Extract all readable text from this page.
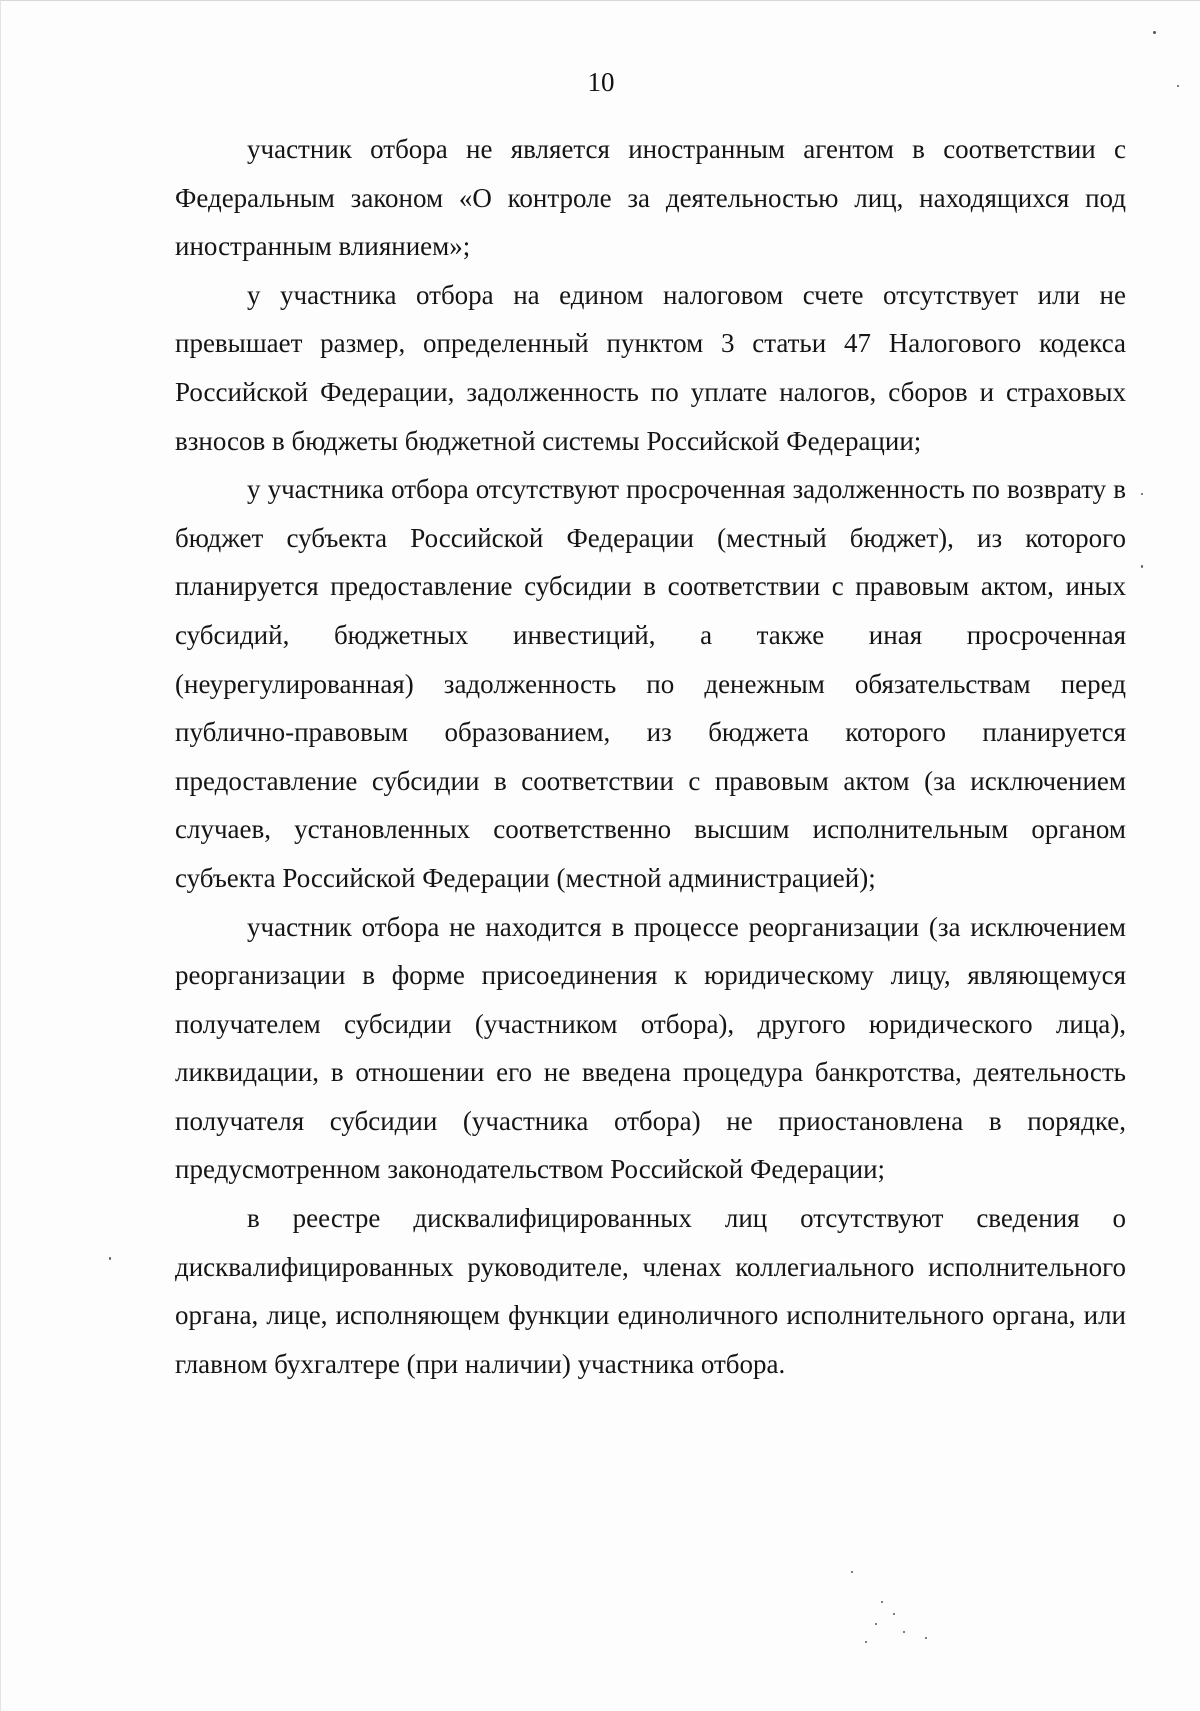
10

участник отбора не является иностранным агентом в соответствии с Федеральным законом «О контроле за деятельностью лиц, находящихся под иностранным влиянием»;

у участника отбора на едином налоговом счете отсутствует или не превышает размер, определенный пунктом 3 статьи 47 Налогового кодекса Российской Федерации, задолженность по уплате налогов, сборов и страховых взносов в бюджеты бюджетной системы Российской Федерации;

у участника отбора отсутствуют просроченная задолженность по возврату в бюджет субъекта Российской Федерации (местный бюджет), из которого планируется предоставление субсидии в соответствии с правовым актом, иных субсидий, бюджетных инвестиций, а также иная просроченная (неурегулированная) задолженность по денежным обязательствам перед публично-правовым образованием, из бюджета которого планируется предоставление субсидии в соответствии с правовым актом (за исключением случаев, установленных соответственно высшим исполнительным органом субъекта Российской Федерации (местной администрацией);

участник отбора не находится в процессе реорганизации (за исключением реорганизации в форме присоединения к юридическому лицу, являющемуся получателем субсидии (участником отбора), другого юридического лица), ликвидации, в отношении его не введена процедура банкротства, деятельность получателя субсидии (участника отбора) не приостановлена в порядке, предусмотренном законодательством Российской Федерации;

в реестре дисквалифицированных лиц отсутствуют сведения о дисквалифицированных руководителе, членах коллегиального исполнительного органа, лице, исполняющем функции единоличного исполнительного органа, или главном бухгалтере (при наличии) участника отбора.
